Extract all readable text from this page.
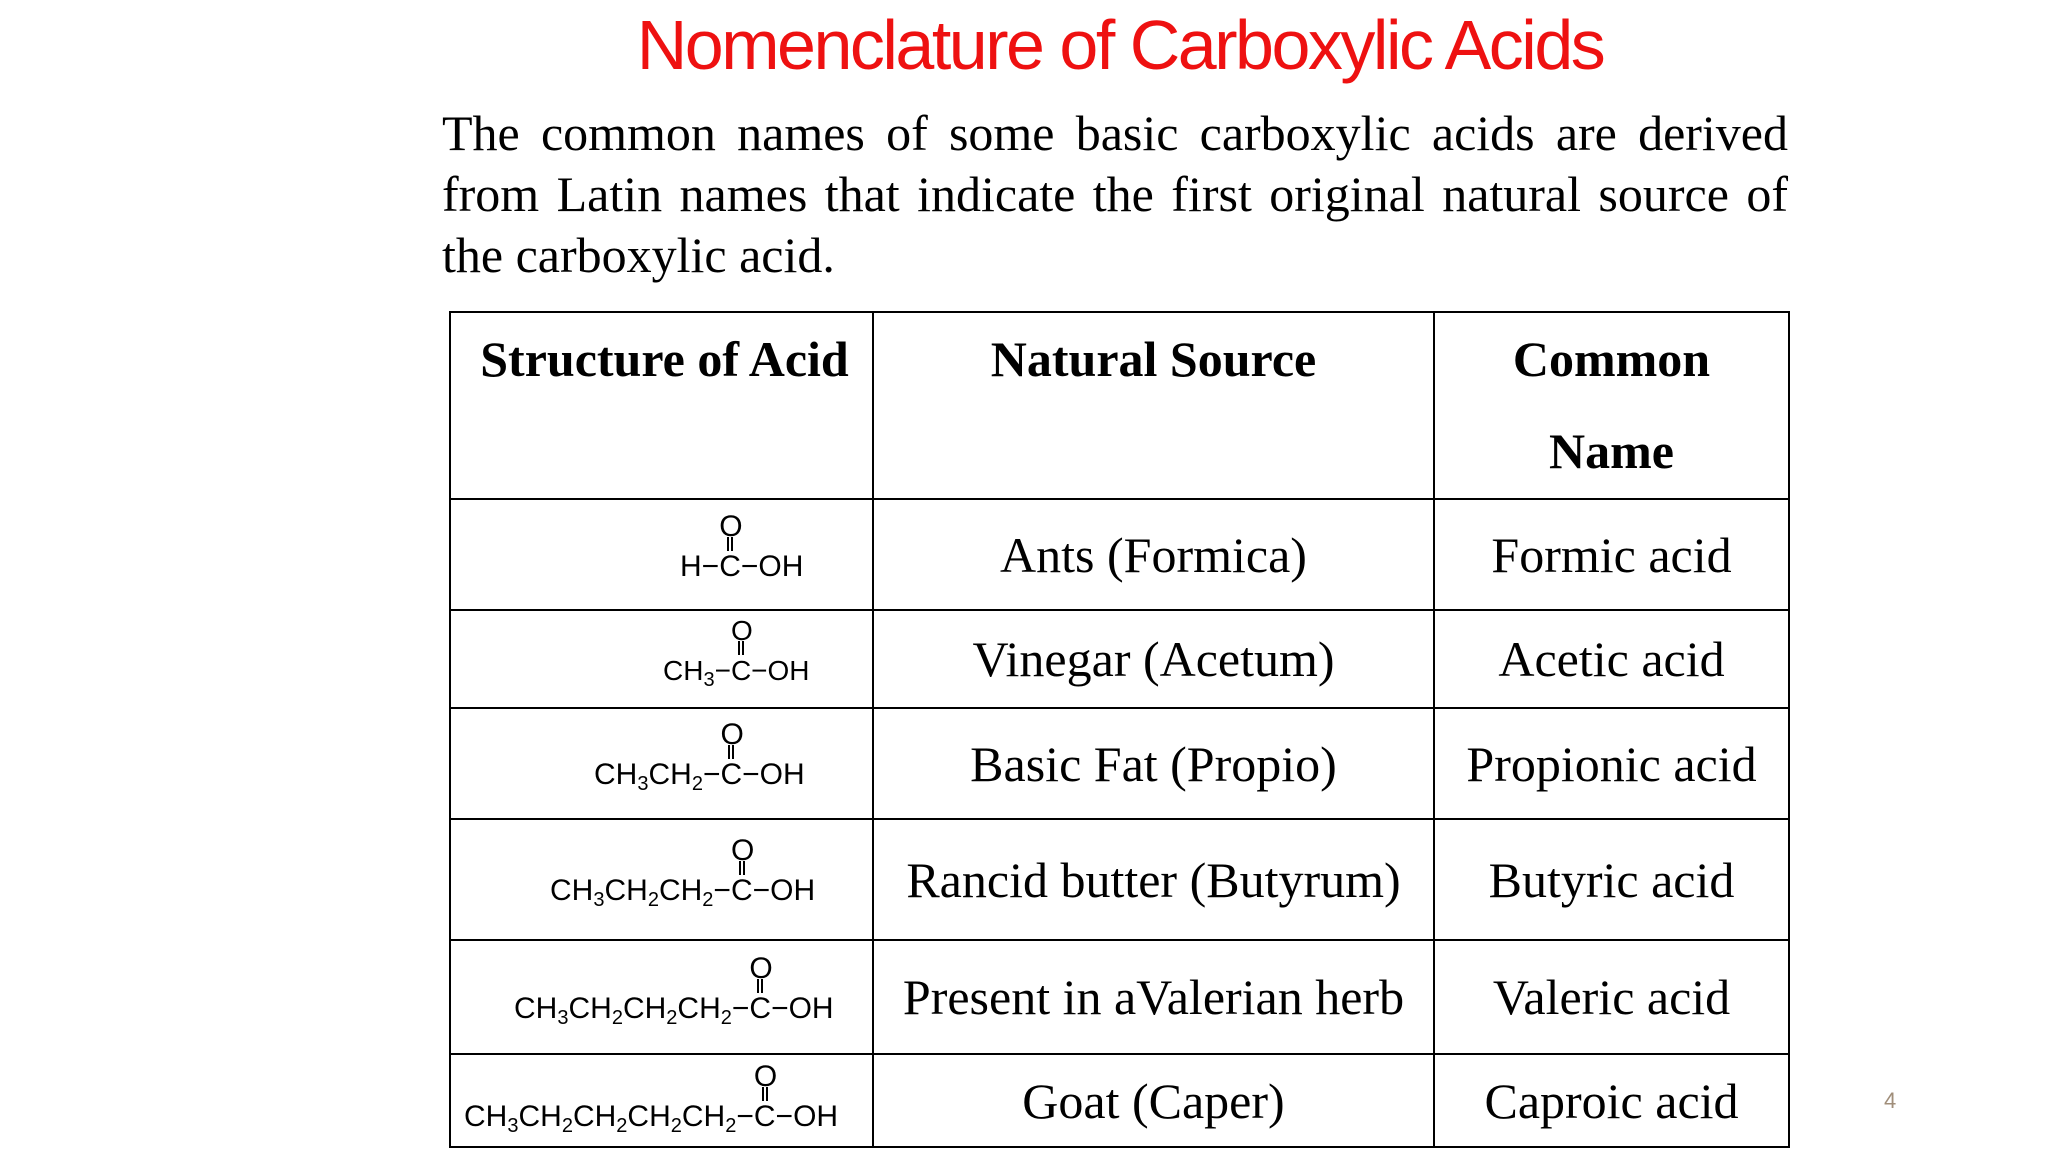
Nomenclature of Carboxylic Acids
The common names of some basic carboxylic acids are derived from Latin names that indicate the first original natural source of the carboxylic acid.
Structure of Acid	Natural Source	Common
Name

H−
O
C−OH	Ants (Formica)	Formic acid

$CH_3-$
O
C−OH	Vinegar (Acetum)	Acetic acid

$CH_3CH_2-$
O
C−OH	Basic Fat (Propio)	Propionic acid

$CH_3CH_2CH_2-$
O
C−OH	Rancid butter (Butyrum)	Butyric acid

$CH_3CH_2CH_2CH_2-$
O
C−OH	Present in aValerian herb	Valeric acid

$CH_3CH_2CH_2CH_2CH_2-$
O
C−OH	Goat (Caper)	Caproic acid	4
